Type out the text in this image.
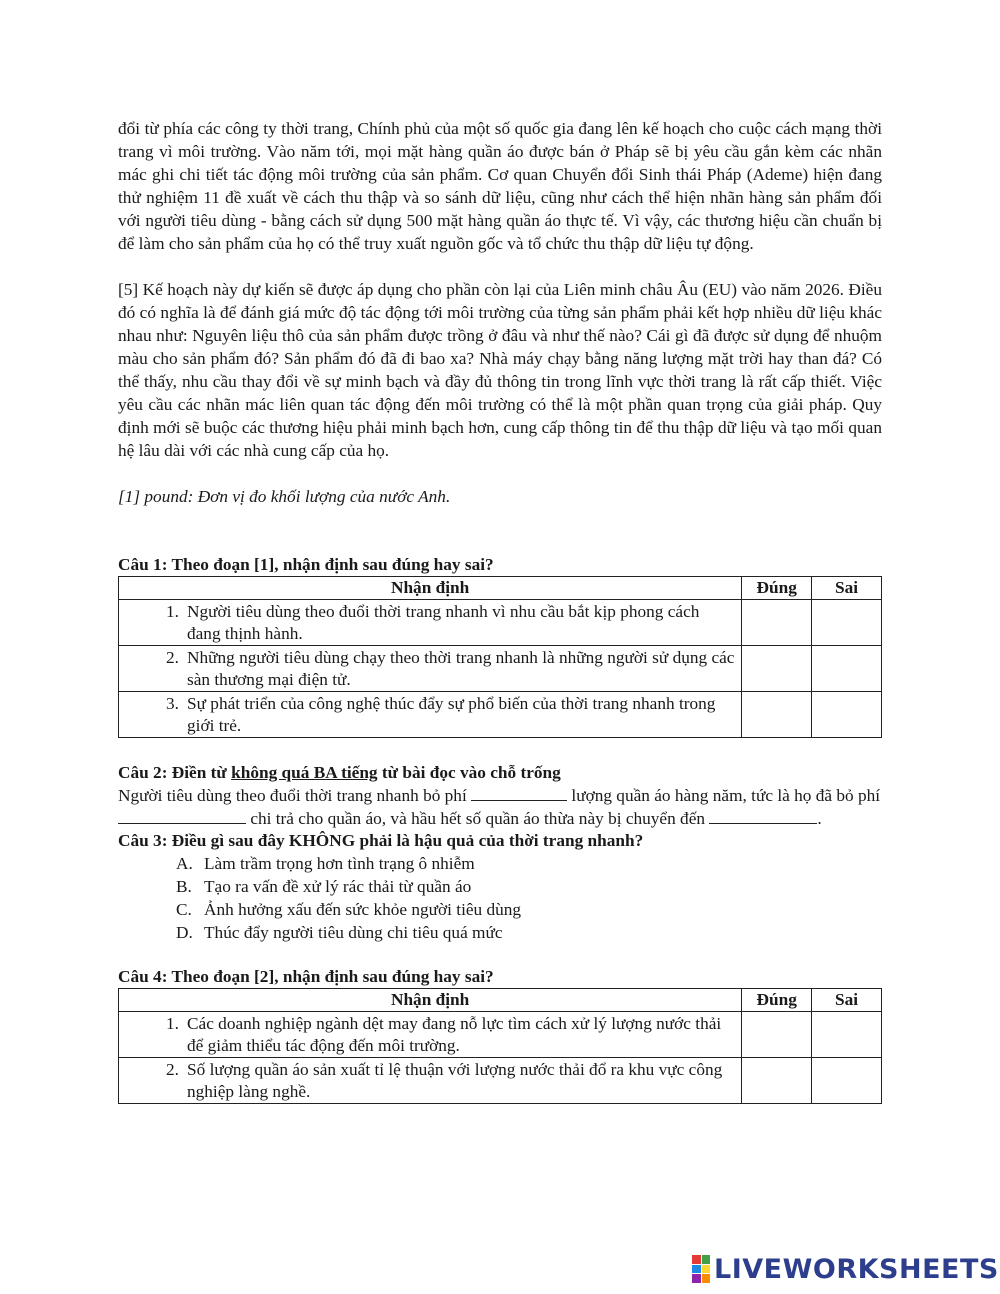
đổi từ phía các công ty thời trang, Chính phủ của một số quốc gia đang lên kế hoạch cho cuộc cách mạng thời trang vì môi trường. Vào năm tới, mọi mặt hàng quần áo được bán ở Pháp sẽ bị yêu cầu gắn kèm các nhãn mác ghi chi tiết tác động môi trường của sản phẩm. Cơ quan Chuyển đổi Sinh thái Pháp (Ademe) hiện đang thử nghiệm 11 đề xuất về cách thu thập và so sánh dữ liệu, cũng như cách thể hiện nhãn hàng sản phẩm đối với người tiêu dùng - bằng cách sử dụng 500 mặt hàng quần áo thực tế. Vì vậy, các thương hiệu cần chuẩn bị để làm cho sản phẩm của họ có thể truy xuất nguồn gốc và tổ chức thu thập dữ liệu tự động.

[5] Kế hoạch này dự kiến sẽ được áp dụng cho phần còn lại của Liên minh châu Âu (EU) vào năm 2026. Điều đó có nghĩa là để đánh giá mức độ tác động tới môi trường của từng sản phẩm phải kết hợp nhiều dữ liệu khác nhau như: Nguyên liệu thô của sản phẩm được trồng ở đâu và như thế nào? Cái gì đã được sử dụng để nhuộm màu cho sản phẩm đó? Sản phẩm đó đã đi bao xa? Nhà máy chạy bằng năng lượng mặt trời hay than đá? Có thể thấy, nhu cầu thay đổi về sự minh bạch và đầy đủ thông tin trong lĩnh vực thời trang là rất cấp thiết. Việc yêu cầu các nhãn mác liên quan tác động đến môi trường có thể là một phần quan trọng của giải pháp. Quy định mới sẽ buộc các thương hiệu phải minh bạch hơn, cung cấp thông tin để thu thập dữ liệu và tạo mối quan hệ lâu dài với các nhà cung cấp của họ.

[1] pound: Đơn vị đo khối lượng của nước Anh.

Câu 1: Theo đoạn [1], nhận định sau đúng hay sai?

Nhận định	Đúng	Sai

1. Người tiêu dùng theo đuổi thời trang nhanh vì nhu cầu bắt kịp phong cách đang thịnh hành.		

2. Những người tiêu dùng chạy theo thời trang nhanh là những người sử dụng các sàn thương mại điện tử.		

3. Sự phát triển của công nghệ thúc đẩy sự phổ biến của thời trang nhanh trong giới trẻ.		

Câu 2: Điền từ không quá BA tiếng từ bài đọc vào chỗ trống

Người tiêu dùng theo đuổi thời trang nhanh bỏ phí	lượng quần áo hàng năm, tức là họ đã bỏ phí  chi trả cho quần áo, và hầu hết số quần áo thừa này bị chuyển đến	.

Câu 3: Điều gì sau đây KHÔNG phải là hậu quả của thời trang nhanh?

A. Làm trầm trọng hơn tình trạng ô nhiễm
B. Tạo ra vấn đề xử lý rác thải từ quần áo
C. Ảnh hưởng xấu đến sức khỏe người tiêu dùng
D. Thúc đẩy người tiêu dùng chi tiêu quá mức

Câu 4: Theo đoạn [2], nhận định sau đúng hay sai?

Nhận định	Đúng	Sai

1. Các doanh nghiệp ngành dệt may đang nỗ lực tìm cách xử lý lượng nước thải để giảm thiểu tác động đến môi trường.		

2. Số lượng quần áo sản xuất tỉ lệ thuận với lượng nước thải đổ ra khu vực công nghiệp làng nghề.		

LIVEWORKSHEETS
